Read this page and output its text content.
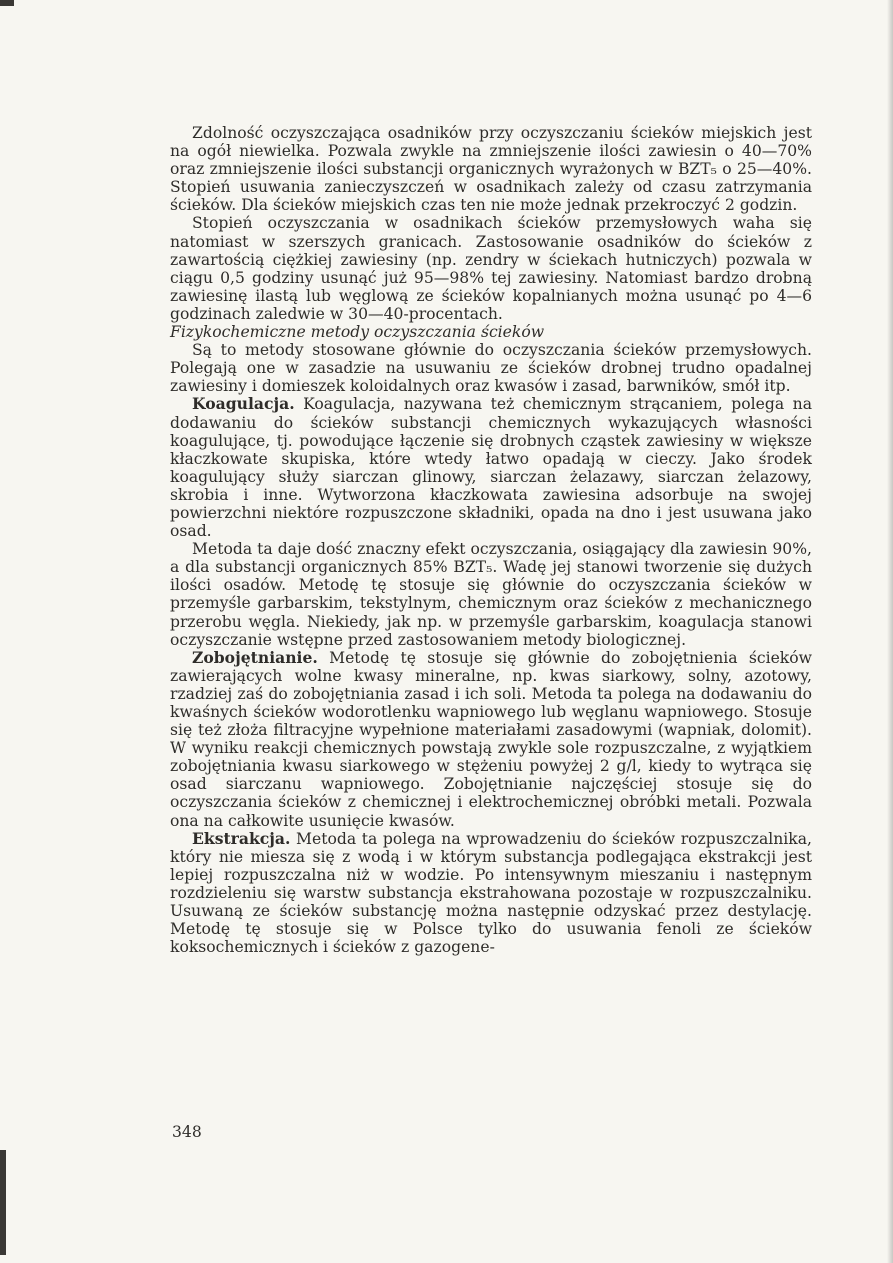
Zdolność oczyszczająca osadników przy oczyszczaniu ścieków miejskich jest na ogół niewielka. Pozwala zwykle na zmniejszenie ilości zawiesin o 40—70% oraz zmniejszenie ilości substancji organicznych wyrażonych w BZT₅ o 25—40%. Stopień usuwania zanieczyszczeń w osadnikach zależy od czasu zatrzymania ścieków. Dla ścieków miejskich czas ten nie może jednak przekroczyć 2 godzin.

Stopień oczyszczania w osadnikach ścieków przemysłowych waha się natomiast w szerszych granicach. Zastosowanie osadników do ścieków z zawartością ciężkiej zawiesiny (np. zendry w ściekach hutniczych) pozwala w ciągu 0,5 godziny usunąć już 95—98% tej zawiesiny. Natomiast bardzo drobną zawiesinę ilastą lub węglową ze ścieków kopalnianych można usunąć po 4—6 godzinach zaledwie w 30—40-procentach.

Fizykochemiczne metody oczyszczania ścieków

Są to metody stosowane głównie do oczyszczania ścieków przemysłowych. Polegają one w zasadzie na usuwaniu ze ścieków drobnej trudno opadalnej zawiesiny i domieszek koloidalnych oraz kwasów i zasad, barwników, smół itp.

Koagulacja. Koagulacja, nazywana też chemicznym strącaniem, polega na dodawaniu do ścieków substancji chemicznych wykazujących własności koagulujące, tj. powodujące łączenie się drobnych cząstek zawiesiny w większe kłaczkowate skupiska, które wtedy łatwo opadają w cieczy. Jako środek koagulujący służy siarczan glinowy, siarczan żelazawy, siarczan żelazowy, skrobia i inne. Wytworzona kłaczkowata zawiesina adsorbuje na swojej powierzchni niektóre rozpuszczone składniki, opada na dno i jest usuwana jako osad.

Metoda ta daje dość znaczny efekt oczyszczania, osiągający dla zawiesin 90%, a dla substancji organicznych 85% BZT₅. Wadę jej stanowi tworzenie się dużych ilości osadów. Metodę tę stosuje się głównie do oczyszczania ścieków w przemyśle garbarskim, tekstylnym, chemicznym oraz ścieków z mechanicznego przerobu węgla. Niekiedy, jak np. w przemyśle garbarskim, koagulacja stanowi oczyszczanie wstępne przed zastosowaniem metody biologicznej.

Zobojętnianie. Metodę tę stosuje się głównie do zobojętnienia ścieków zawierających wolne kwasy mineralne, np. kwas siarkowy, solny, azotowy, rzadziej zaś do zobojętniania zasad i ich soli. Metoda ta polega na dodawaniu do kwaśnych ścieków wodorotlenku wapniowego lub węglanu wapniowego. Stosuje się też złoża filtracyjne wypełnione materiałami zasadowymi (wapniak, dolomit). W wyniku reakcji chemicznych powstają zwykle sole rozpuszczalne, z wyjątkiem zobojętniania kwasu siarkowego w stężeniu powyżej 2 g/l, kiedy to wytrąca się osad siarczanu wapniowego. Zobojętnianie najczęściej stosuje się do oczyszczania ścieków z chemicznej i elektrochemicznej obróbki metali. Pozwala ona na całkowite usunięcie kwasów.

Ekstrakcja. Metoda ta polega na wprowadzeniu do ścieków rozpuszczalnika, który nie miesza się z wodą i w którym substancja podlegająca ekstrakcji jest lepiej rozpuszczalna niż w wodzie. Po intensywnym mieszaniu i następnym rozdzieleniu się warstw substancja ekstrahowana pozostaje w rozpuszczalniku. Usuwaną ze ścieków substancję można następnie odzyskać przez destylację. Metodę tę stosuje się w Polsce tylko do usuwania fenoli ze ścieków koksochemicznych i ścieków z gazogene-

348
